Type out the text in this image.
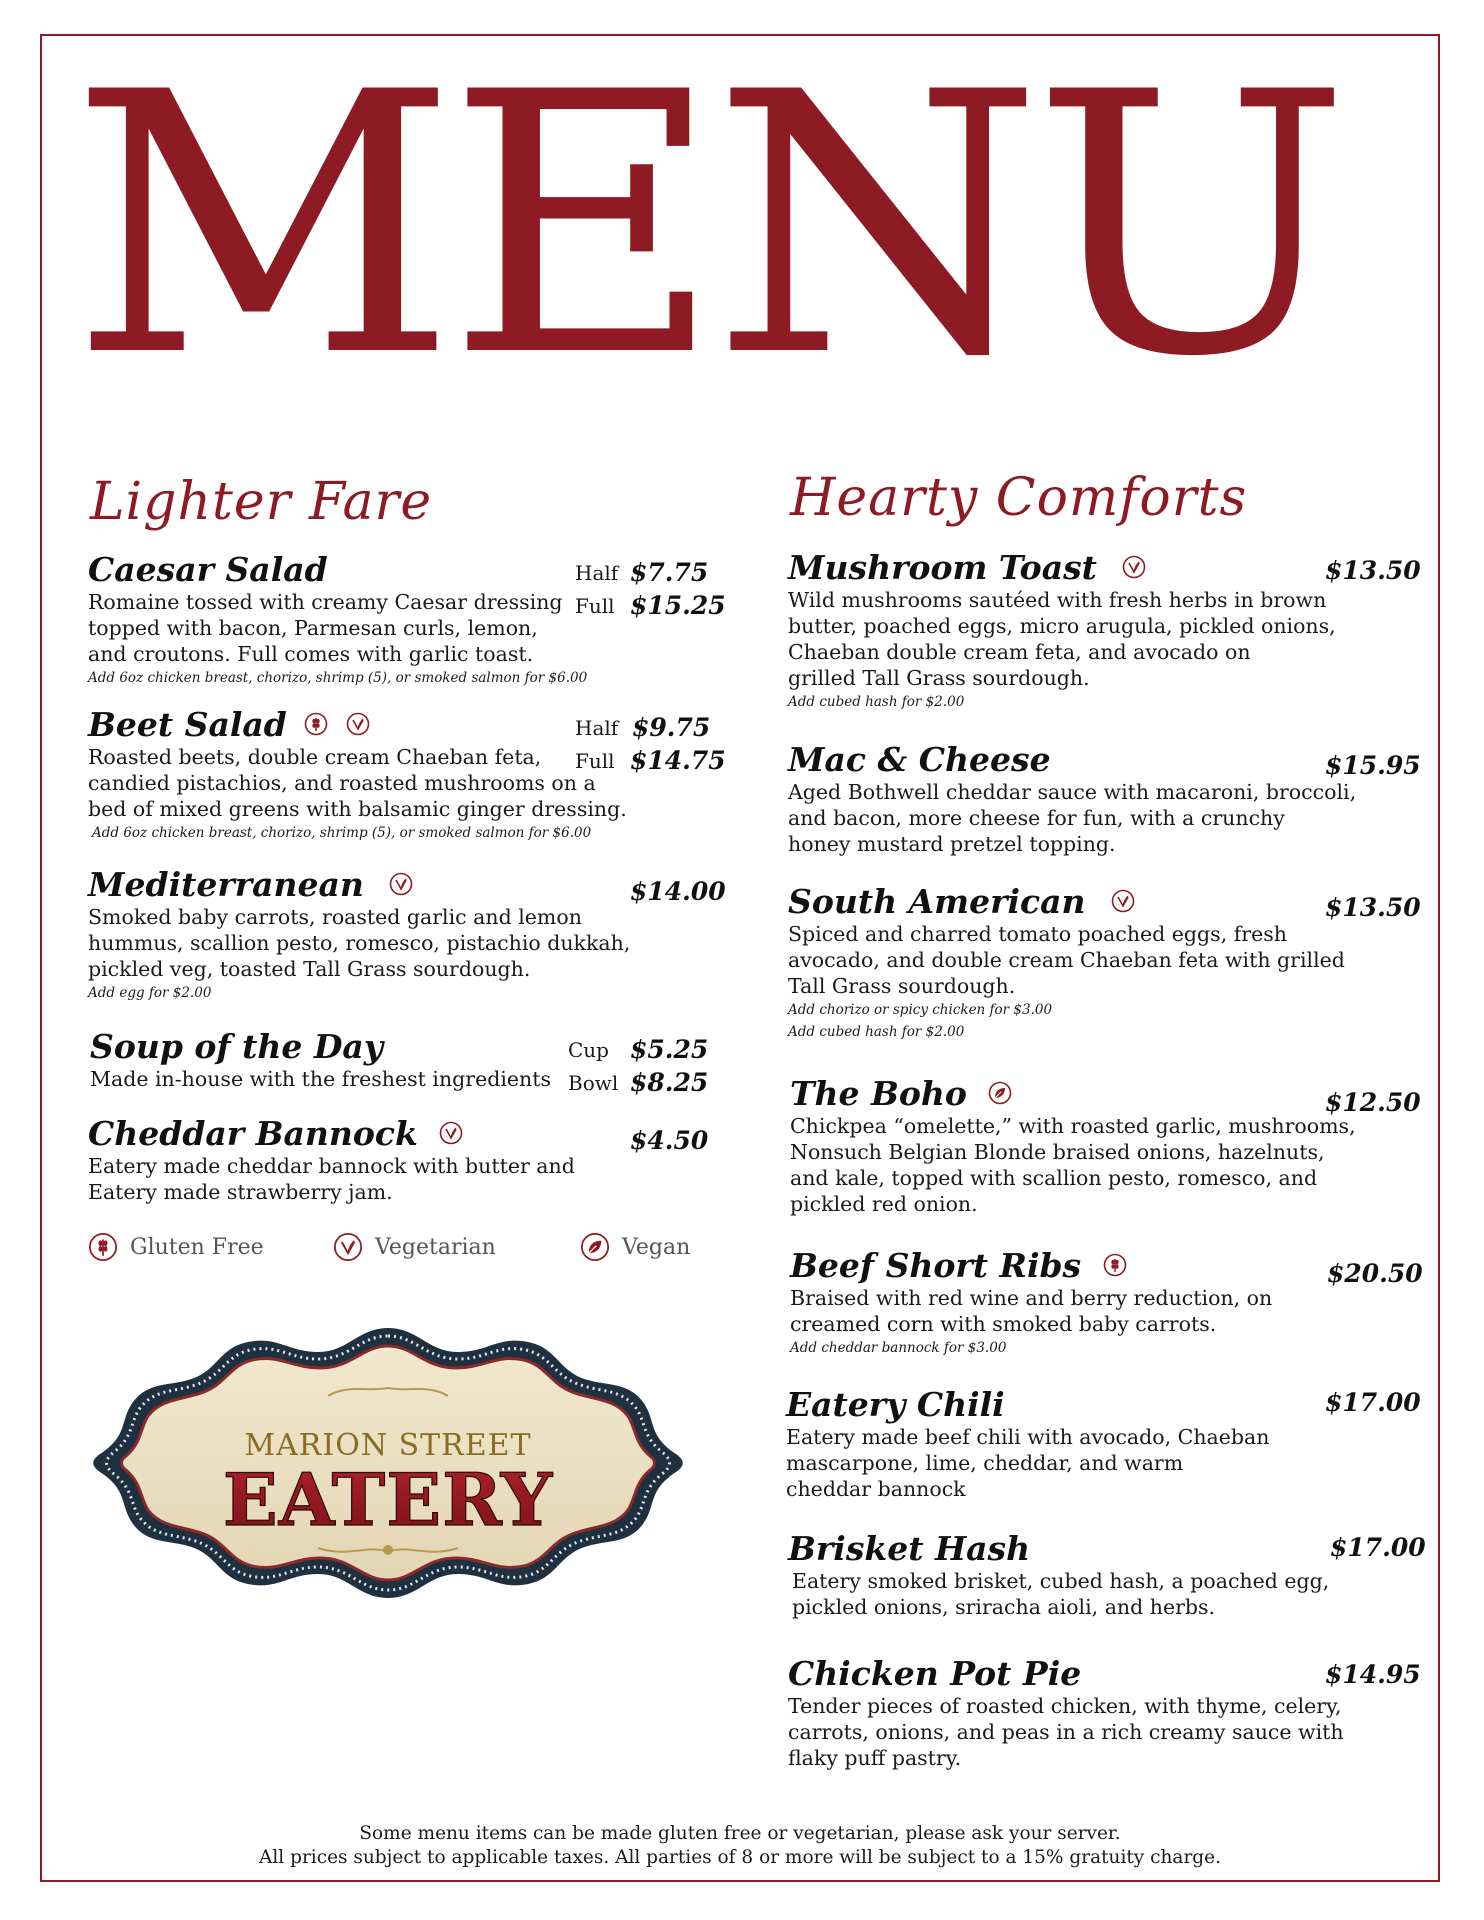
MENU
Lighter Fare
Caesar Salad
Romaine tossed with creamy Caesar dressing
topped with bacon, Parmesan curls, lemon,
and croutons. Full comes with garlic toast.
Add 6oz chicken breast, chorizo, shrimp (5), or smoked salmon for $6.00
Half $7.75
Full $15.25
Beet Salad

Roasted beets, double cream Chaeban feta,
candied pistachios, and roasted mushrooms on a
bed of mixed greens with balsamic ginger dressing.
Add 6oz chicken breast, chorizo, shrimp (5), or smoked salmon for $6.00
Half $9.75
Full $14.75
Mediterranean
Smoked baby carrots, roasted garlic and lemon
hummus, scallion pesto, romesco, pistachio dukkah,
pickled veg, toasted Tall Grass sourdough.
Add egg for $2.00
$14.00
Soup of the Day
Made in-house with the freshest ingredients
Cup $5.25
Bowl $8.25
Cheddar Bannock
Eatery made cheddar bannock with butter and
Eatery made strawberry jam.
$4.50
Gluten Free	Vegetarian	Vegan
MARION STREET
EATERY
Hearty Comforts
Mushroom Toast
Wild mushrooms sautéed with fresh herbs in brown
butter, poached eggs, micro arugula, pickled onions,
Chaeban double cream feta, and avocado on
grilled Tall Grass sourdough.
Add cubed hash for $2.00
$13.50
Mac & Cheese
Aged Bothwell cheddar sauce with macaroni, broccoli,
and bacon, more cheese for fun, with a crunchy
honey mustard pretzel topping.
$15.95
South American
Spiced and charred tomato poached eggs, fresh
avocado, and double cream Chaeban feta with grilled
Tall Grass sourdough.
Add chorizo or spicy chicken for $3.00
Add cubed hash for $2.00
$13.50
The Boho
Chickpea “omelette,” with roasted garlic, mushrooms,
Nonsuch Belgian Blonde braised onions, hazelnuts,
and kale, topped with scallion pesto, romesco, and
pickled red onion.
$12.50
Beef Short Ribs
Braised with red wine and berry reduction, on
creamed corn with smoked baby carrots.
Add cheddar bannock for $3.00
$20.50
Eatery Chili
Eatery made beef chili with avocado, Chaeban
mascarpone, lime, cheddar, and warm
cheddar bannock
$17.00
Brisket Hash
Eatery smoked brisket, cubed hash, a poached egg,
pickled onions, sriracha aioli, and herbs.
$17.00
Chicken Pot Pie
Tender pieces of roasted chicken, with thyme, celery,
carrots, onions, and peas in a rich creamy sauce with
flaky puff pastry.
$14.95
Some menu items can be made gluten free or vegetarian, please ask your server.
All prices subject to applicable taxes. All parties of 8 or more will be subject to a 15% gratuity charge.
